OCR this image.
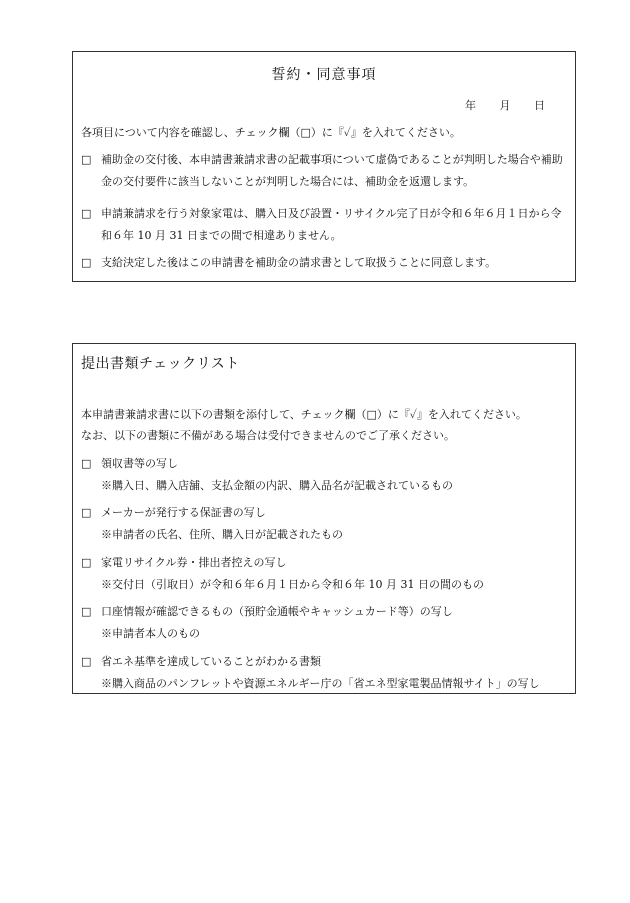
誓約・同意事項
年 月 日
各項目について内容を確認し、チェック欄（□）に『✓』を入れてください。
□ 補助金の交付後、本申請書兼請求書の記載事項について虚偽であることが判明した場合や補助
金の交付要件に該当しないことが判明した場合には、補助金を返還します。
□ 申請兼請求を行う対象家電は、購入日及び設置・リサイクル完了日が令和６年６月１日から令
和６年 10 月 31 日までの間で相違ありません。
□ 支給決定した後はこの申請書を補助金の請求書として取扱うことに同意します。
提出書類チェックリスト
本申請書兼請求書に以下の書類を添付して、チェック欄（□）に『✓』を入れてください。
なお、以下の書類に不備がある場合は受付できませんのでご了承ください。
□ 領収書等の写し
※購入日、購入店舗、支払金額の内訳、購入品名が記載されているもの
□ メーカーが発行する保証書の写し
※申請者の氏名、住所、購入日が記載されたもの
□ 家電リサイクル券・排出者控えの写し
※交付日（引取日）が令和６年６月１日から令和６年 10 月 31 日の間のもの
□ 口座情報が確認できるもの（預貯金通帳やキャッシュカード等）の写し
※申請者本人のもの
□ 省エネ基準を達成していることがわかる書類
※購入商品のパンフレットや資源エネルギー庁の「省エネ型家電製品情報サイト」の写し
